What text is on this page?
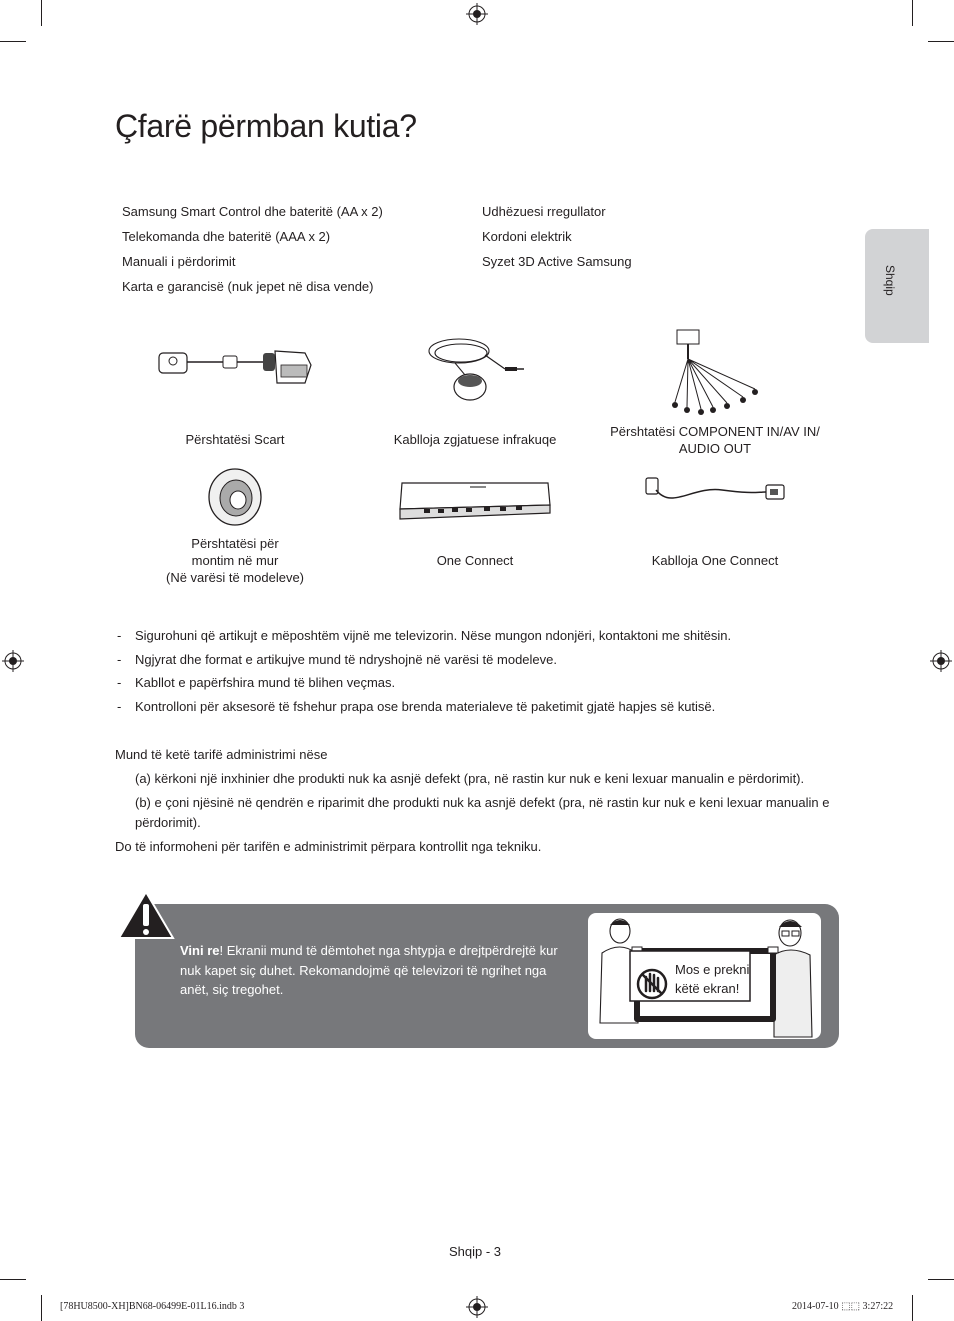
Çfarë përmban kutia?
Shqip
Samsung Smart Control dhe bateritë (AA x 2)
Telekomanda dhe bateritë (AAA x 2)
Manuali i përdorimit
Karta e garancisë (nuk jepet në disa vende)
Udhëzuesi rregullator
Kordoni elektrik
Syzet 3D Active Samsung
Përshtatësi Scart	Kablloja zgjatuese infrakuqe
Përshtatësi COMPONENT IN/AV IN/
AUDIO OUT
Përshtatësi për
montim në mur
(Në varësi të modeleve)
One Connect	Kablloja One Connect
- Sigurohuni që artikujt e mëposhtëm vijnë me televizorin. Nëse mungon ndonjëri, kontaktoni me shitësin.
- Ngjyrat dhe format e artikujve mund të ndryshojnë në varësi të modeleve.
- Kabllot e papërfshira mund të blihen veçmas.
- Kontrolloni për aksesorë të fshehur prapa ose brenda materialeve të paketimit gjatë hapjes së kutisë.
Mund të ketë tarifë administrimi nëse
(a) kërkoni një inxhinier dhe produkti nuk ka asnjë defekt (pra, në rastin kur nuk e keni lexuar manualin e përdorimit).
(b) e çoni njësinë në qendrën e riparimit dhe produkti nuk ka asnjë defekt (pra, në rastin kur nuk e keni lexuar manualin e
përdorimit).
Do të informoheni për tarifën e administrimit përpara kontrollit nga tekniku.
Vini re! Ekranii mund të dëmtohet nga shtypja e drejtpërdrejtë kur
nuk kapet siç duhet. Rekomandojmë që televizori të ngrihet nga
anët, siç tregohet.
Mos e prekni
këtë ekran!
Shqip - 3
[78HU8500-XH]BN68-06499E-01L16.indb 3	2014-07-10 ⬚⬚ 3:27:22
